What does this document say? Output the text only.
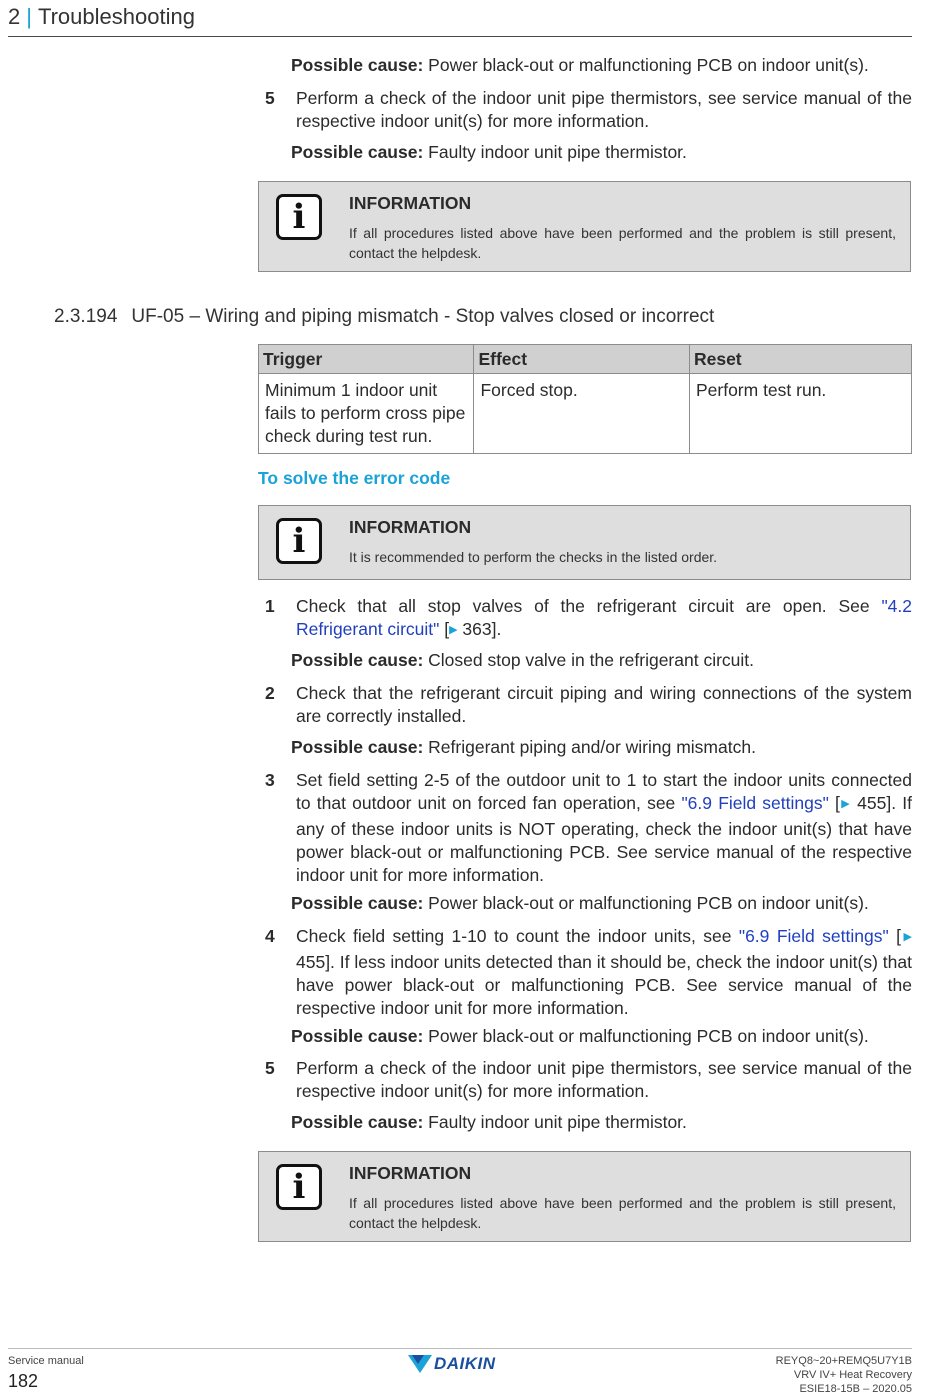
2 | Troubleshooting
Possible cause: Power black-out or malfunctioning PCB on indoor unit(s).
5 Perform a check of the indoor unit pipe thermistors, see service manual of the respective indoor unit(s) for more information.
Possible cause: Faulty indoor unit pipe thermistor.
i	INFORMATION
If all procedures listed above have been performed and the problem is still present, contact the helpdesk.
2.3.194 UF-05 – Wiring and piping mismatch - Stop valves closed or incorrect
Trigger	Effect	Reset
Minimum 1 indoor unit fails to perform cross pipe check during test run.	Forced stop.	Perform test run.
To solve the error code
i	INFORMATION
It is recommended to perform the checks in the listed order.
1 Check that all stop valves of the refrigerant circuit are open. See "4.2 Refrigerant circuit" [▶ 363].
Possible cause: Closed stop valve in the refrigerant circuit.
2 Check that the refrigerant circuit piping and wiring connections of the system are correctly installed.
Possible cause: Refrigerant piping and/or wiring mismatch.
3 Set field setting 2-5 of the outdoor unit to 1 to start the indoor units connected to that outdoor unit on forced fan operation, see "6.9 Field settings" [▶ 455]. If any of these indoor units is NOT operating, check the indoor unit(s) that have power black-out or malfunctioning PCB. See service manual of the respective indoor unit for more information.
Possible cause: Power black-out or malfunctioning PCB on indoor unit(s).
4 Check field setting 1-10 to count the indoor units, see "6.9 Field settings" [▶ 455]. If less indoor units detected than it should be, check the indoor unit(s) that have power black-out or malfunctioning PCB. See service manual of the respective indoor unit for more information.
Possible cause: Power black-out or malfunctioning PCB on indoor unit(s).
5 Perform a check of the indoor unit pipe thermistors, see service manual of the respective indoor unit(s) for more information.
Possible cause: Faulty indoor unit pipe thermistor.
i	INFORMATION
If all procedures listed above have been performed and the problem is still present, contact the helpdesk.
Service manual
182
DAIKIN	REYQ8~20+REMQ5U7Y1B
VRV IV+ Heat Recovery
ESIE18-15B – 2020.05
